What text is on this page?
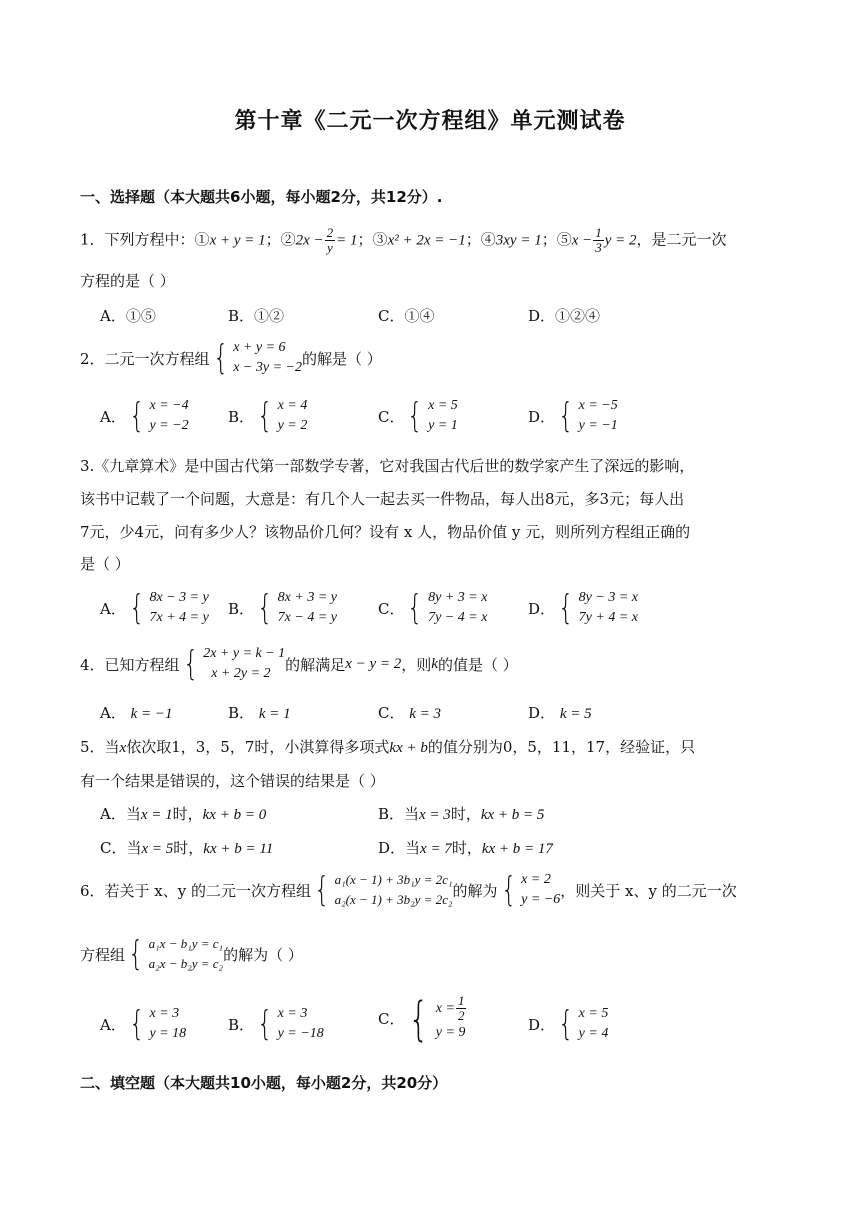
第十章《二元一次方程组》单元测试卷
一、选择题（本大题共6小题，每小题2分，共12分）.
1．下列方程中：①x + y = 1；②2x − $\frac{2}{y} = 1$；③x² + 2x = −1；④3xy = 1；⑤x − $\frac{1}{3}$ y = 2，是二元一次
方程的是（ ）
A．①⑤	B．①②	C．①④	D．①②④
2．二元一次方程组 { x + y = 6
x − 3y = −2 的解是（ ）
A． { x = −4
y = −2	B． { x = 4
y = 2	C． { x = 5
y = 1	D． { x = −5
y = −1
3.《九章算术》是中国古代第一部数学专著，它对我国古代后世的数学家产生了深远的影响，
该书中记载了一个问题，大意是：有几个人一起去买一件物品，每人出8元，多3元；每人出
7元，少4元，问有多少人？该物品价几何？设有 x 人，物品价值 y 元，则所列方程组正确的
是（ ）
A． { 8x − 3 = y
7x + 4 = y B． { 8x + 3 = y
7x − 4 = y	C． { 8y + 3 = x
7y − 4 = x	D． { 8y − 3 = x
7y + 4 = x
4．已知方程组 { 2x + y = k − 1
x + 2y = 2 的解满足 x − y = 2 ，则 k 的值是（ ）
A． k = −1	B． k = 1	C． k = 3	D． k = 5
5．当x依次取1，3，5，7时，小淇算得多项式kx + b的值分别为0，5，11，17，经验证，只
有一个结果是错误的，这个错误的结果是（ ）
A．当x = 1时，kx + b = 0	B．当x = 3时，kx + b = 5
C．当x = 5时，kx + b = 11	D．当x = 7时，kx + b = 17
6．若关于 x、y 的二元一次方程组 { a₁(x − 1) + 3b₁y = 2c₁
a₂(x − 1) + 3b₂y = 2c₂ 的解为 { x = 2
y = −6 ，则关于 x、y 的二元一次
方程组 { a₁x − b₁y = c₁
a₂x − b₂y = c₂ 的解为（ ）
A． { x = 3
y = 18	B． { x = 3
y = −18
C． { $x = \frac{1}{2}$
y = 9	D． { x = 5
y = 4
二、填空题（本大题共10小题，每小题2分，共20分）
